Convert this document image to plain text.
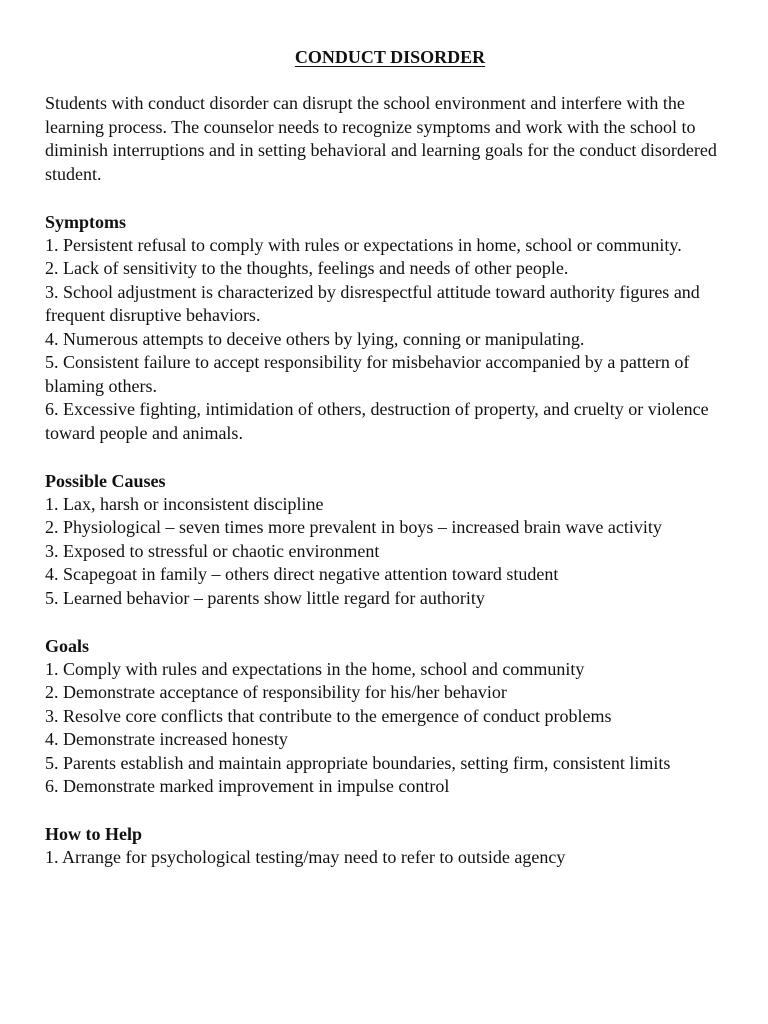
CONDUCT DISORDER

Students with conduct disorder can disrupt the school environment and interfere with the learning process. The counselor needs to recognize symptoms and work with the school to diminish interruptions and in setting behavioral and learning goals for the conduct disordered student.

Symptoms

1. Persistent refusal to comply with rules or expectations in home, school or community.

2. Lack of sensitivity to the thoughts, feelings and needs of other people.

3. School adjustment is characterized by disrespectful attitude toward authority figures and frequent disruptive behaviors.

4. Numerous attempts to deceive others by lying, conning or manipulating.

5. Consistent failure to accept responsibility for misbehavior accompanied by a pattern of blaming others.

6. Excessive fighting, intimidation of others, destruction of property, and cruelty or violence toward people and animals.

Possible Causes

1. Lax, harsh or inconsistent discipline

2. Physiological – seven times more prevalent in boys – increased brain wave activity

3. Exposed to stressful or chaotic environment

4. Scapegoat in family – others direct negative attention toward student

5. Learned behavior – parents show little regard for authority

Goals

1. Comply with rules and expectations in the home, school and community

2. Demonstrate acceptance of responsibility for his/her behavior

3. Resolve core conflicts that contribute to the emergence of conduct problems

4. Demonstrate increased honesty

5. Parents establish and maintain appropriate boundaries, setting firm, consistent limits

6. Demonstrate marked improvement in impulse control

How to Help

1. Arrange for psychological testing/may need to refer to outside agency
